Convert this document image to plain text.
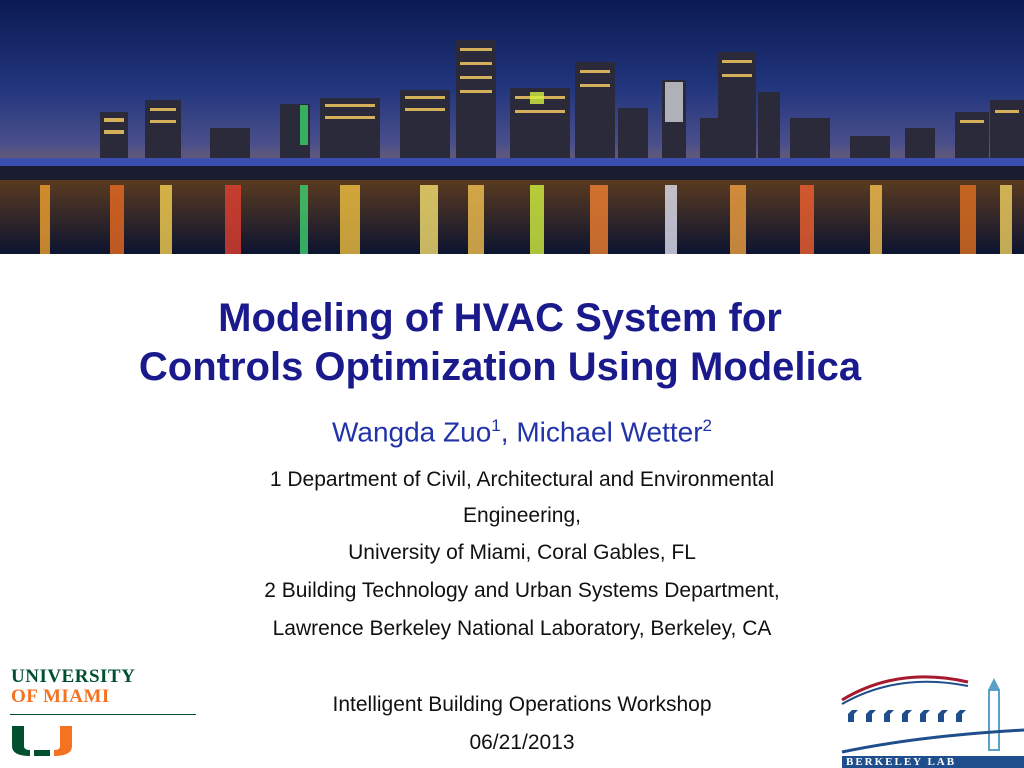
Modeling of HVAC System for
Controls Optimization Using Modelica
Wangda Zuo$^1$, Michael Wetter$^2$
1 Department of Civil, Architectural and Environmental
Engineering,
University of Miami, Coral Gables, FL
2 Building Technology and Urban Systems Department,
Lawrence Berkeley National Laboratory, Berkeley, CA
Intelligent Building Operations Workshop
06/21/2013
UNIVERSITY
OF MIAMI
BERKELEY LAB
